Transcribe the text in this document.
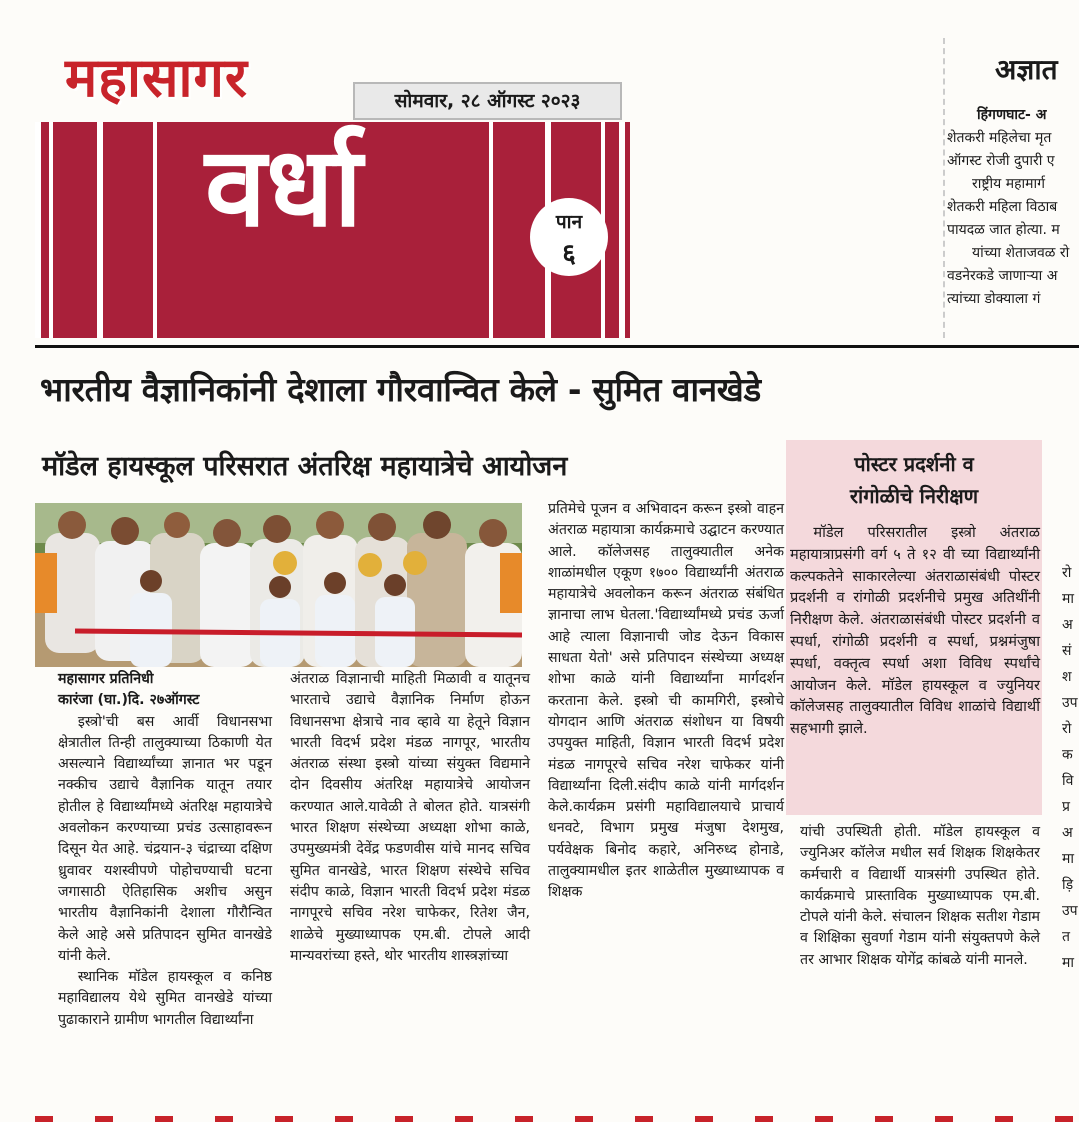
महासागर	सोमवार, २८ ऑगस्ट २०२३
वर्धा	पान
६
अज्ञात
हिंगणघाट- अ
शेतकरी महिलेचा मृत
ऑगस्ट रोजी दुपारी ए
राष्ट्रीय महामार्ग
शेतकरी महिला विठाब
पायदळ जात होत्या. म
यांच्या शेताजवळ रो
वडनेरकडे जाणाऱ्या अ
त्यांच्या डोक्याला गं
भारतीय वैज्ञानिकांनी देशाला गौरवान्वित केले - सुमित वानखेडे
मॉडेल हायस्कूल परिसरात अंतरिक्ष महायात्रेचे आयोजन

महासागर प्रतिनिधी

कारंजा (घा.)दि. २७ऑगस्ट

इस्त्रो'ची बस आर्वी विधानसभा क्षेत्रातील तिन्ही तालुक्याच्या ठिकाणी येत असल्याने विद्यार्थ्यांच्या ज्ञानात भर पडून नक्कीच उद्याचे वैज्ञानिक यातून तयार होतील हे विद्यार्थ्यांमध्ये अंतरिक्ष महायात्रेचे अवलोकन करण्याच्या प्रचंड उत्साहावरून दिसून येत आहे. चंद्रयान-३ चंद्राच्या दक्षिण ध्रुवावर यशस्वीपणे पोहोचण्याची घटना जगासाठी ऐतिहासिक अशीच असुन भारतीय वैज्ञानिकांनी देशाला गौरौन्वित केले आहे असे प्रतिपादन सुमित वानखेडे यांनी केले.

स्थानिक मॉडेल हायस्कूल व कनिष्ठ महाविद्यालय येथे सुमित वानखेडे यांच्या पुढाकाराने ग्रामीण भागतील विद्यार्थ्यांना

अंतराळ विज्ञानाची माहिती मिळावी व यातूनच भारताचे उद्याचे वैज्ञानिक निर्माण होऊन विधानसभा क्षेत्राचे नाव व्हावे या हेतूने विज्ञान भारती विदर्भ प्रदेश मंडळ नागपूर, भारतीय अंतराळ संस्था इस्त्रो यांच्या संयुक्त विद्यमाने दोन दिवसीय अंतरिक्ष महायात्रेचे आयोजन करण्यात आले.यावेळी ते बोलत होते. यात्रसंगी भारत शिक्षण संस्थेच्या अध्यक्षा शोभा काळे, उपमुख्यमंत्री देवेंद्र फडणवीस यांचे मानद सचिव सुमित वानखेडे, भारत शिक्षण संस्थेचे सचिव संदीप काळे, विज्ञान भारती विदर्भ प्रदेश मंडळ नागपूरचे सचिव नरेश चाफेकर, रितेश जैन, शाळेचे मुख्याध्यापक एम.बी. टोपले आदी मान्यवरांच्या हस्ते, थोर भारतीय शास्त्रज्ञांच्या

प्रतिमेचे पूजन व अभिवादन करून इस्त्रो वाहन अंतराळ महायात्रा कार्यक्रमाचे उद्घाटन करण्यात आले. कॉलेजसह तालुक्यातील अनेक शाळांमधील एकूण १७०० विद्यार्थ्यांनी अंतराळ महायात्रेचे अवलोकन करून अंतराळ संबंधित ज्ञानाचा लाभ घेतला.'विद्यार्थ्यांमध्ये प्रचंड ऊर्जा आहे त्याला विज्ञानाची जोड देऊन विकास साधता येतो' असे प्रतिपादन संस्थेच्या अध्यक्ष शोभा काळे यांनी विद्यार्थ्यांना मार्गदर्शन करताना केले. इस्त्रो ची कामगिरी, इस्त्रोचे योगदान आणि अंतराळ संशोधन या विषयी उपयुक्त माहिती, विज्ञान भारती विदर्भ प्रदेश मंडळ नागपूरचे सचिव नरेश चाफेकर यांनी विद्यार्थ्यांना दिली.संदीप काळे यांनी मार्गदर्शन केले.कार्यक्रम प्रसंगी महाविद्यालयाचे प्राचार्य धनवटे, विभाग प्रमुख मंजुषा देशमुख, पर्यवेक्षक बिनोद कहारे, अनिरुध्द होनाडे, तालुक्यामधील इतर शाळेतील मुख्याध्यापक व शिक्षक

पोस्टर प्रदर्शनी व
रांगोळीचे निरीक्षण
मॉडेल परिसरातील इस्त्रो अंतराळ महायात्राप्रसंगी वर्ग ५ ते १२ वी च्या विद्यार्थ्यांनी कल्पकतेने साकारलेल्या अंतराळासंबंधी पोस्टर प्रदर्शनी व रांगोळी प्रदर्शनीचे प्रमुख अतिथींनी निरीक्षण केले. अंतराळासंबंधी पोस्टर प्रदर्शनी व स्पर्धा, रांगोळी प्रदर्शनी व स्पर्धा, प्रश्नमंजुषा स्पर्धा, वक्तृत्व स्पर्धा अशा विविध स्पर्धांचे आयोजन केले. मॉडेल हायस्कूल व ज्युनियर कॉलेजसह तालुक्यातील विविध शाळांचे विद्यार्थी सहभागी झाले.

यांची उपस्थिती होती. मॉडेल हायस्कूल व ज्युनिअर कॉलेज मधील सर्व शिक्षक शिक्षकेतर कर्मचारी व विद्यार्थी यात्रसंगी उपस्थित होते. कार्यक्रमाचे प्रास्ताविक मुख्याध्यापक एम.बी. टोपले यांनी केले. संचालन शिक्षक सतीश गेडाम व शिक्षिका सुवर्णा गेडाम यांनी संयुक्तपणे केले तर आभार शिक्षक योगेंद्र कांबळे यांनी मानले.

रो
मा
अ
सं
श
उप
रो
क
वि
प्र
अ
मा
ड़ि
उप
त
मा
